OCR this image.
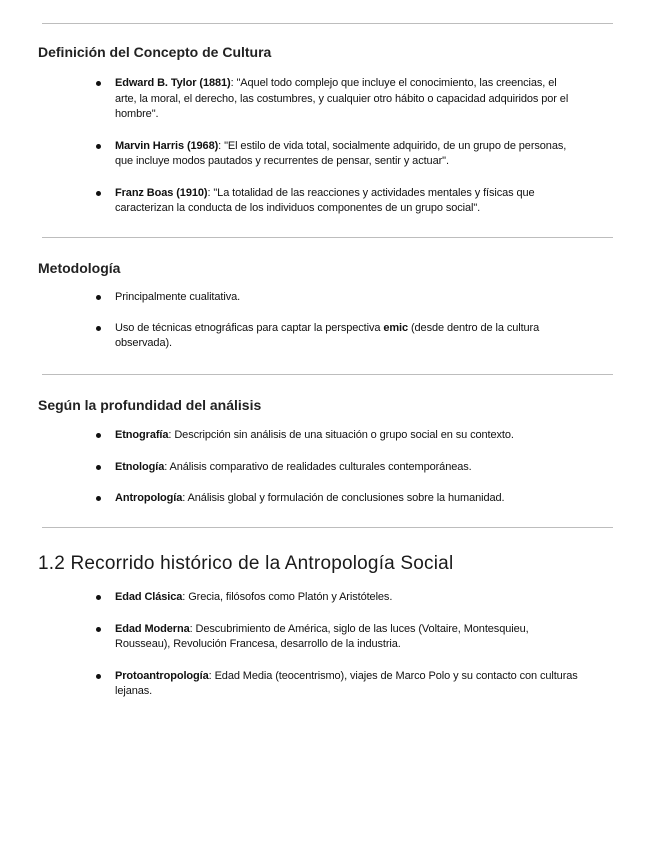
Definición del Concepto de Cultura
Edward B. Tylor (1881): "Aquel todo complejo que incluye el conocimiento, las creencias, el arte, la moral, el derecho, las costumbres, y cualquier otro hábito o capacidad adquiridos por el hombre".
Marvin Harris (1968): "El estilo de vida total, socialmente adquirido, de un grupo de personas, que incluye modos pautados y recurrentes de pensar, sentir y actuar".
Franz Boas (1910): "La totalidad de las reacciones y actividades mentales y físicas que caracterizan la conducta de los individuos componentes de un grupo social".
Metodología
Principalmente cualitativa.
Uso de técnicas etnográficas para captar la perspectiva emic (desde dentro de la cultura observada).
Según la profundidad del análisis
Etnografía: Descripción sin análisis de una situación o grupo social en su contexto.
Etnología: Análisis comparativo de realidades culturales contemporáneas.
Antropología: Análisis global y formulación de conclusiones sobre la humanidad.
1.2 Recorrido histórico de la Antropología Social
Edad Clásica: Grecia, filósofos como Platón y Aristóteles.
Edad Moderna: Descubrimiento de América, siglo de las luces (Voltaire, Montesquieu, Rousseau), Revolución Francesa, desarrollo de la industria.
Protoantropología: Edad Media (teocentrismo), viajes de Marco Polo y su contacto con culturas lejanas.
